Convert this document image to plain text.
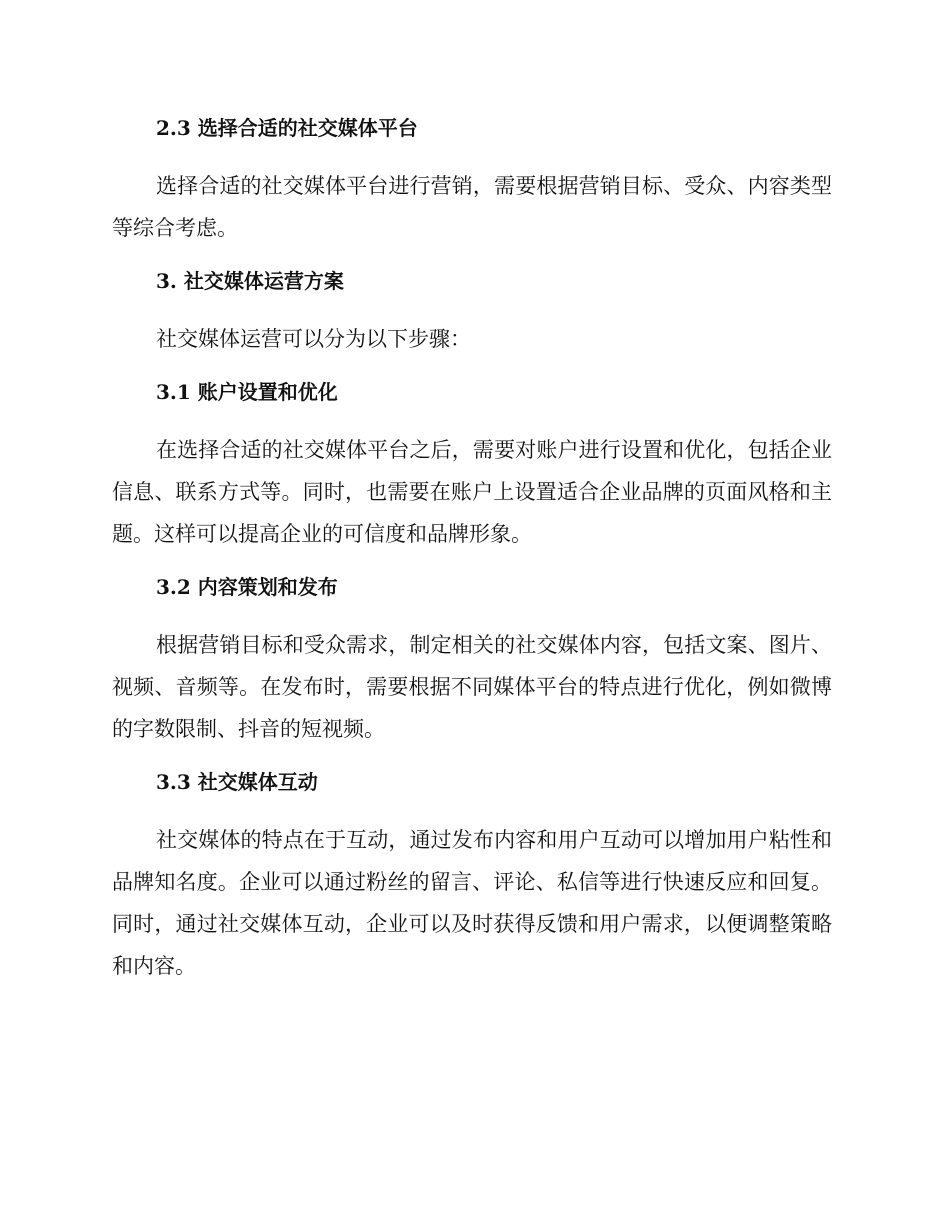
2.3 选择合适的社交媒体平台

选择合适的社交媒体平台进行营销，需要根据营销目标、受众、内容类型等综合考虑。

3. 社交媒体运营方案

社交媒体运营可以分为以下步骤：

3.1 账户设置和优化

在选择合适的社交媒体平台之后，需要对账户进行设置和优化，包括企业信息、联系方式等。同时，也需要在账户上设置适合企业品牌的页面风格和主题。这样可以提高企业的可信度和品牌形象。

3.2 内容策划和发布

根据营销目标和受众需求，制定相关的社交媒体内容，包括文案、图片、视频、音频等。在发布时，需要根据不同媒体平台的特点进行优化，例如微博的字数限制、抖音的短视频。

3.3 社交媒体互动

社交媒体的特点在于互动，通过发布内容和用户互动可以增加用户粘性和品牌知名度。企业可以通过粉丝的留言、评论、私信等进行快速反应和回复。同时，通过社交媒体互动，企业可以及时获得反馈和用户需求，以便调整策略和内容。
